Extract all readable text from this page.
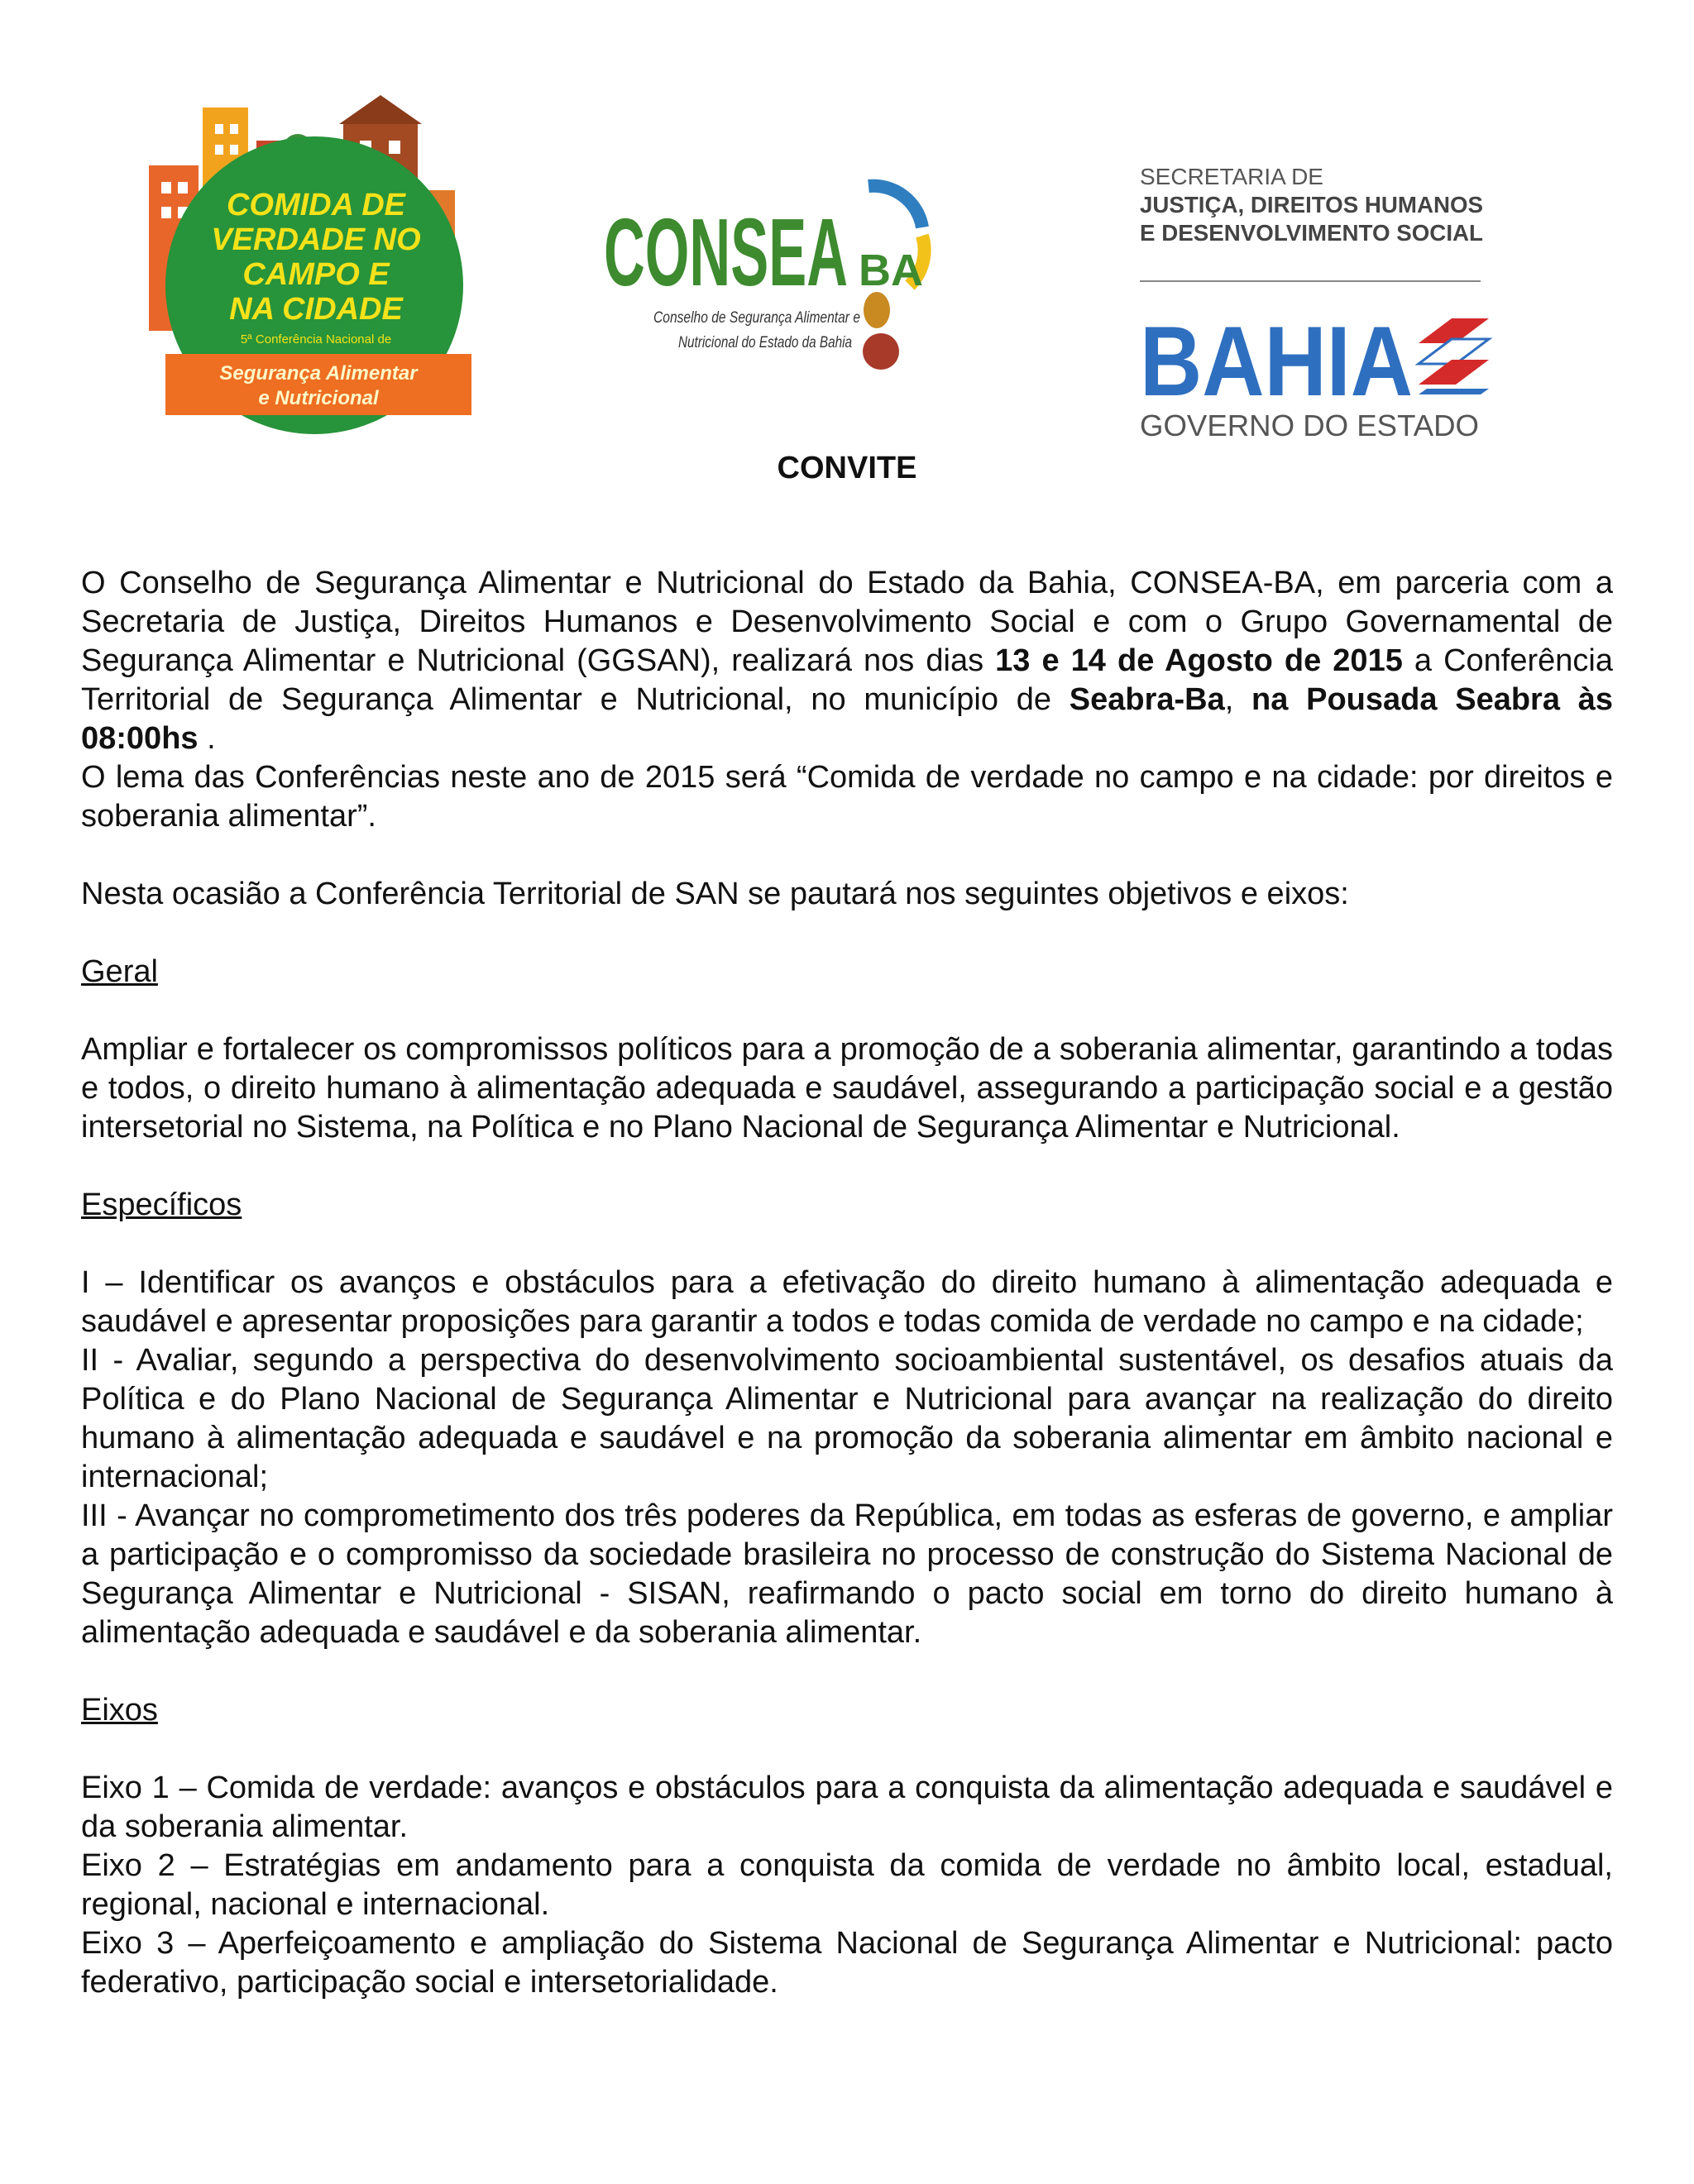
COMIDA DE
VERDADE NO
CAMPO E
NA CIDADE
5ª Conferência Nacional de
Segurança Alimentar
e Nutricional
CONSEA BA
Conselho de Segurança Alimentar e
Nutricional do Estado da Bahia
SECRETARIA DE
JUSTIÇA, DIREITOS HUMANOS
E DESENVOLVIMENTO SOCIAL
BAHIA
GOVERNO DO ESTADO
CONVITE

O Conselho de Segurança Alimentar e Nutricional do Estado da Bahia, CONSEA-BA, em parceria com a Secretaria de Justiça, Direitos Humanos e Desenvolvimento Social e com o Grupo Governamental de Segurança Alimentar e Nutricional (GGSAN), realizará nos dias 13 e 14 de Agosto de 2015 a Conferência Territorial de Segurança Alimentar e Nutricional, no município de Seabra-Ba, na Pousada Seabra às 08:00hs .

O lema das Conferências neste ano de 2015 será “Comida de verdade no campo e na cidade: por direitos e soberania alimentar”.

Nesta ocasião a Conferência Territorial de SAN se pautará nos seguintes objetivos e eixos:

Geral

Ampliar e fortalecer os compromissos políticos para a promoção de a soberania alimentar, garantindo a todas e todos, o direito humano à alimentação adequada e saudável, assegurando a participação social e a gestão intersetorial no Sistema, na Política e no Plano Nacional de Segurança Alimentar e Nutricional.

Específicos

I – Identificar os avanços e obstáculos para a efetivação do direito humano à alimentação adequada e saudável e apresentar proposições para garantir a todos e todas comida de verdade no campo e na cidade;

II - Avaliar, segundo a perspectiva do desenvolvimento socioambiental sustentável, os desafios atuais da Política e do Plano Nacional de Segurança Alimentar e Nutricional para avançar na realização do direito humano à alimentação adequada e saudável e na promoção da soberania alimentar em âmbito nacional e internacional;

III - Avançar no comprometimento dos três poderes da República, em todas as esferas de governo, e ampliar a participação e o compromisso da sociedade brasileira no processo de construção do Sistema Nacional de Segurança Alimentar e Nutricional - SISAN, reafirmando o pacto social em torno do direito humano à alimentação adequada e saudável e da soberania alimentar.

Eixos

Eixo 1 – Comida de verdade: avanços e obstáculos para a conquista da alimentação adequada e saudável e da soberania alimentar.

Eixo 2 – Estratégias em andamento para a conquista da comida de verdade no âmbito local, estadual, regional, nacional e internacional.

Eixo 3 – Aperfeiçoamento e ampliação do Sistema Nacional de Segurança Alimentar e Nutricional: pacto federativo, participação social e intersetorialidade.
